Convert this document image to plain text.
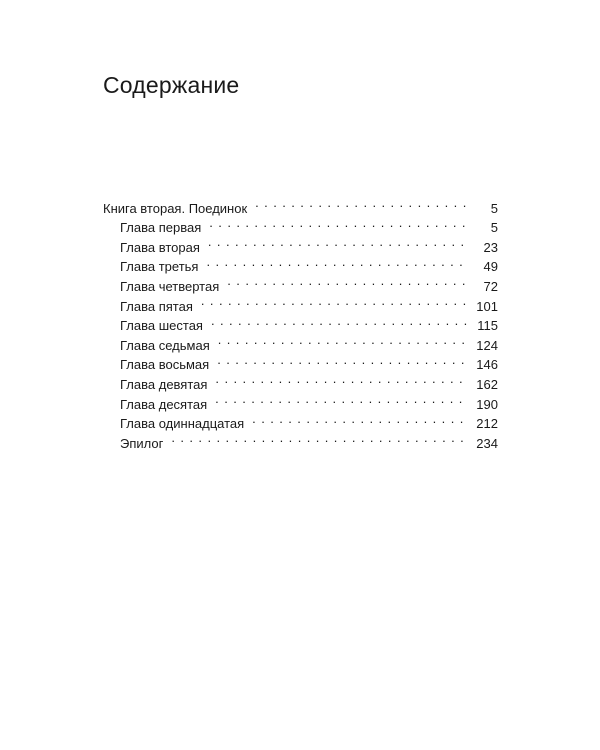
Содержание
Книга вторая. Поединок . . .	5
Глава первая . . .	5
Глава вторая . . .	23
Глава третья . . .	49
Глава четвертая . . .	72
Глава пятая . . .	101
Глава шестая . . .	115
Глава седьмая . . .	124
Глава восьмая . . .	146
Глава девятая . . .	162
Глава десятая . . .	190
Глава одиннадцатая . . .	212
Эпилог . . .	234
